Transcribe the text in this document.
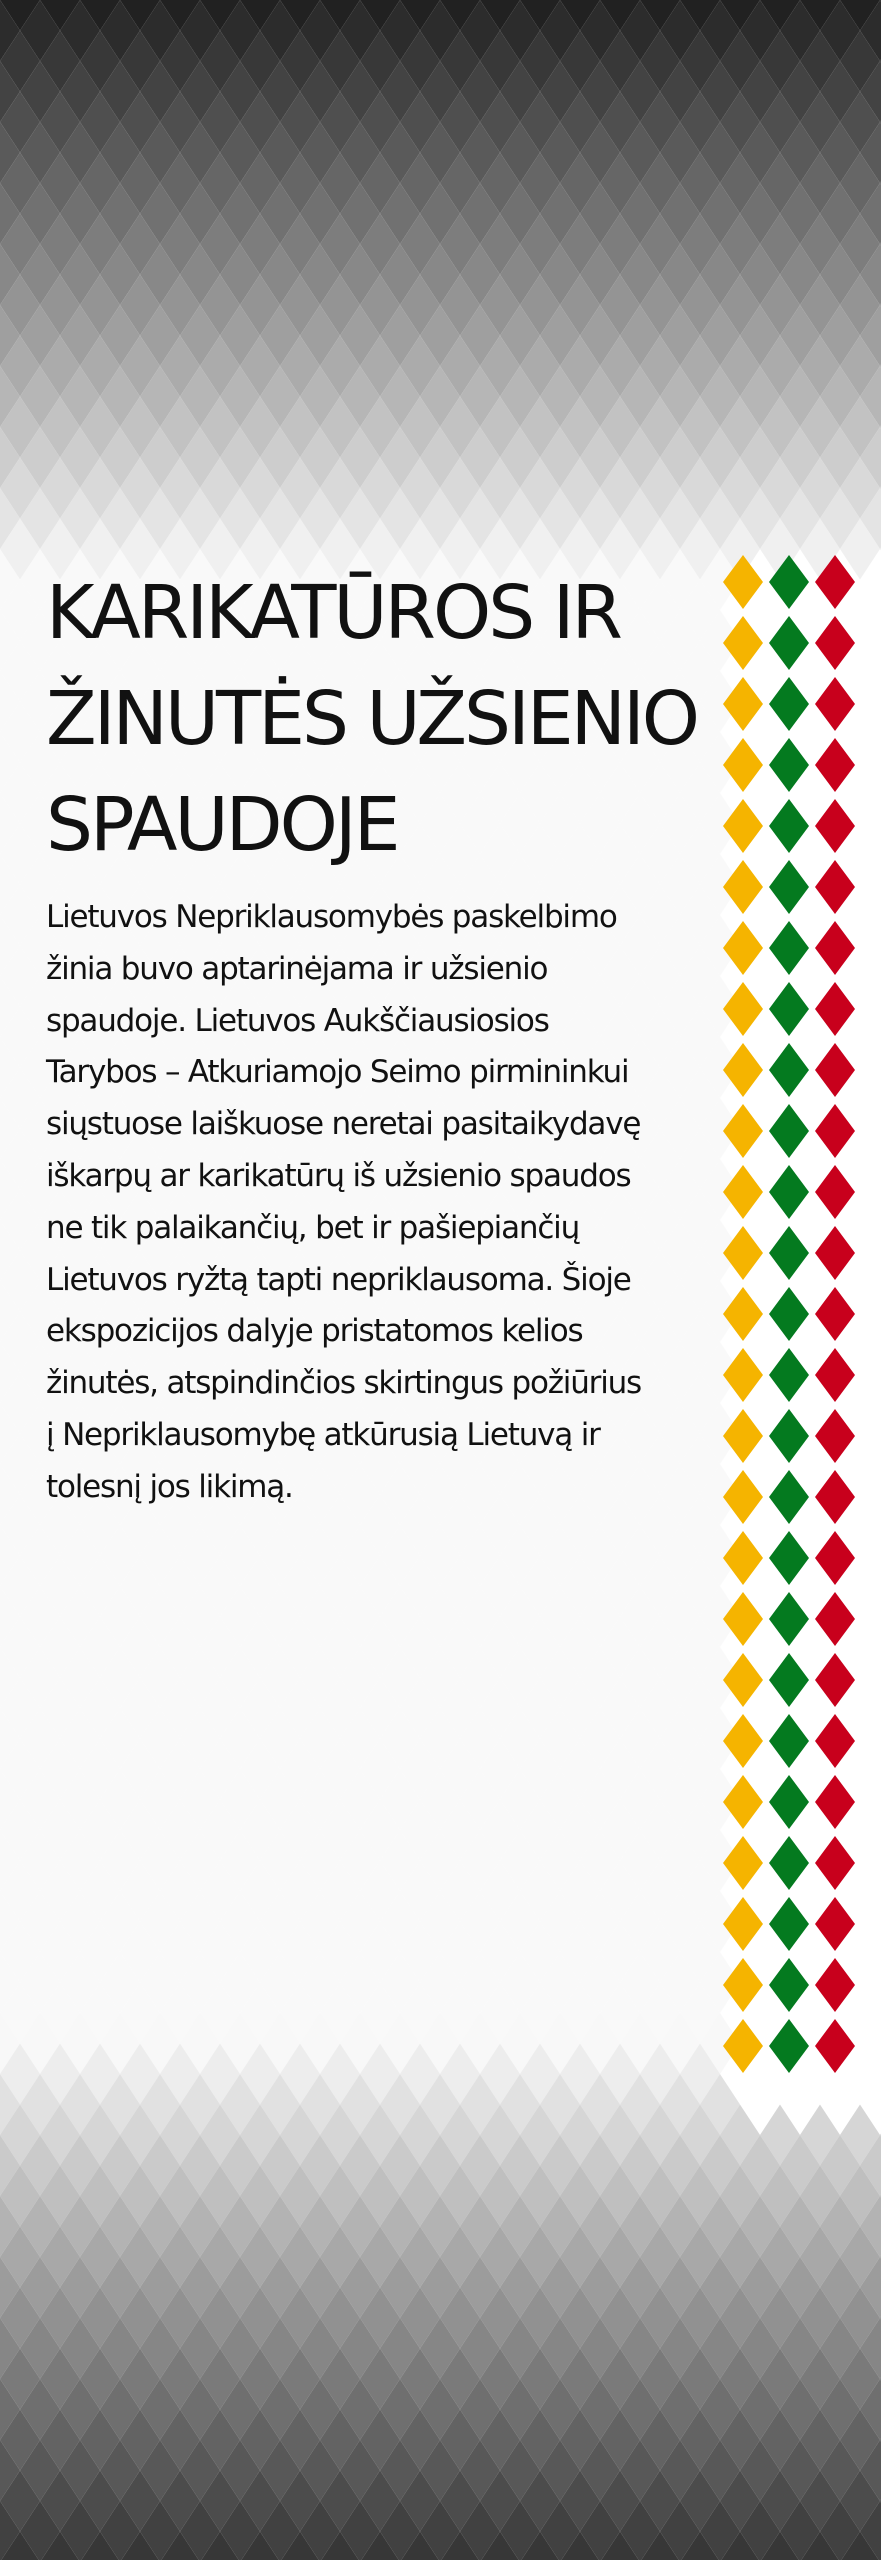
KARIKATŪROS IR
ŽINUTĖS UŽSIENIO
SPAUDOJE

Lietuvos Nepriklausomybės paskelbimo
žinia buvo aptarinėjama ir užsienio
spaudoje. Lietuvos Aukščiausiosios
Tarybos – Atkuriamojo Seimo pirmininkui
siųstuose laiškuose neretai pasitaikydavę
iškarpų ar karikatūrų iš užsienio spaudos
ne tik palaikančių, bet ir pašiepiančių
Lietuvos ryžtą tapti nepriklausoma. Šioje
ekspozicijos dalyje pristatomos kelios
žinutės, atspindinčios skirtingus požiūrius
į Nepriklausomybę atkūrusią Lietuvą ir
tolesnį jos likimą.
